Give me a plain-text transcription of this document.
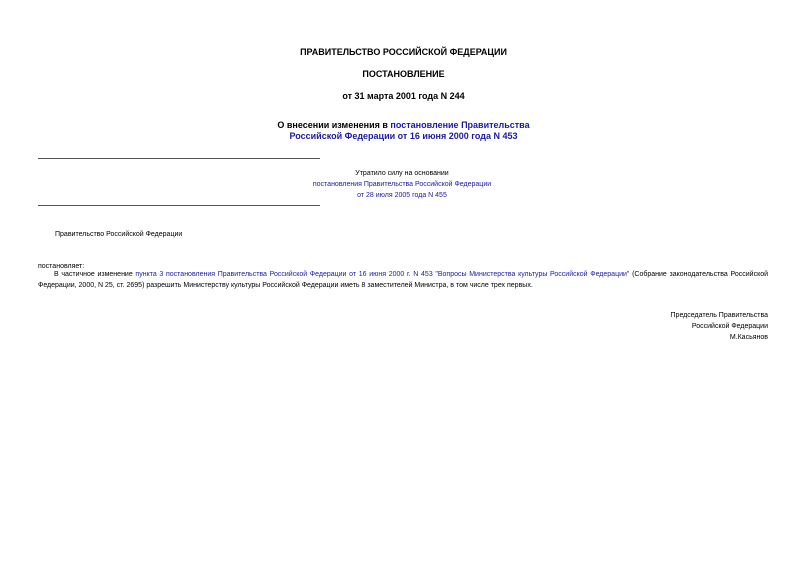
ПРАВИТЕЛЬСТВО РОССИЙСКОЙ ФЕДЕРАЦИИ
ПОСТАНОВЛЕНИЕ
от 31 марта 2001 года N 244
О внесении изменения в постановление Правительства
Российской Федерации от 16 июня 2000 года N 453
Утратило силу на основании
постановления Правительства Российской Федерации
от 28 июля 2005 года N 455
Правительство Российской Федерации
постановляет:
В частичное изменение пункта 3 постановления Правительства Российской Федерации от 16 июня 2000 г. N 453 "Вопросы Министерства культуры Российской Федерации" (Собрание законодательства Российской Федерации, 2000, N 25, ст. 2695) разрешить Министерству культуры Российской Федерации иметь 8 заместителей Министра, в том числе трех первых.
Председатель Правительства
Российской Федерации
М.Касьянов
